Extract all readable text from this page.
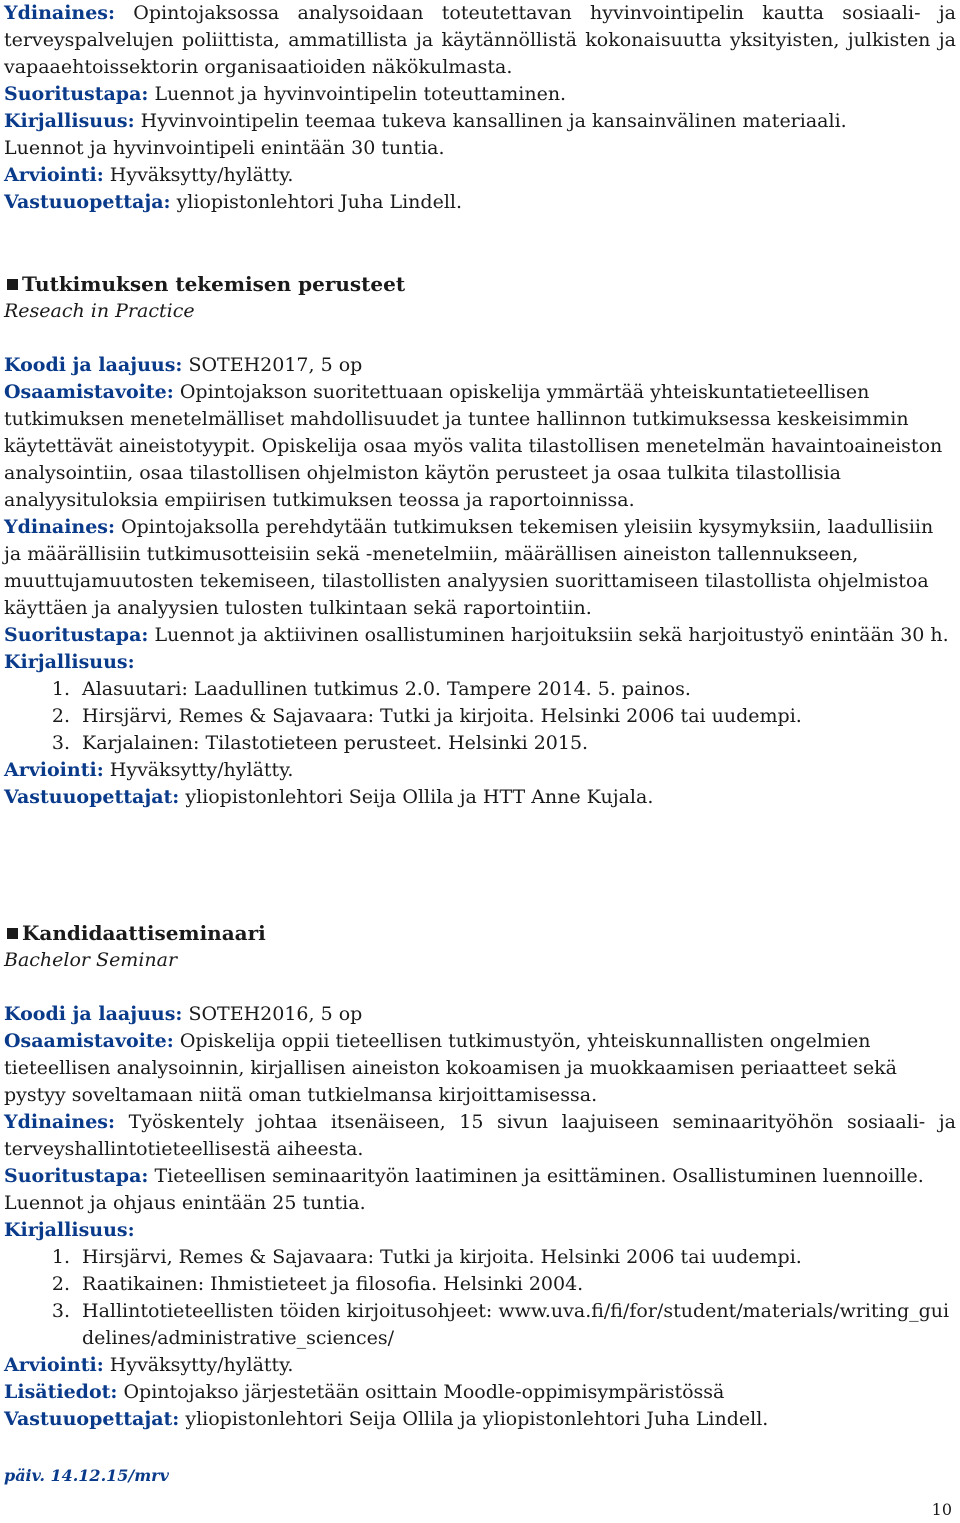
Ydinaines: Opintojaksossa analysoidaan toteutettavan hyvinvointipelin kautta sosiaali- ja terveyspalvelujen poliittista, ammatillista ja käytännöllistä kokonaisuutta yksityisten, julkisten ja vapaaehtoissektorin organisaatioiden näkökulmasta.

Suoritustapa: Luennot ja hyvinvointipelin toteuttaminen.

Kirjallisuus: Hyvinvointipelin teemaa tukeva kansallinen ja kansainvälinen materiaali.

Luennot ja hyvinvointipeli enintään 30 tuntia.

Arviointi: Hyväksytty/hylätty.

Vastuuopettaja: yliopistonlehtori Juha Lindell.

Tutkimuksen tekemisen perusteet

Reseach in Practice

Koodi ja laajuus: SOTEH2017, 5 op

Osaamistavoite: Opintojakson suoritettuaan opiskelija ymmärtää yhteiskuntatieteellisen tutkimuksen menetelmälliset mahdollisuudet ja tuntee hallinnon tutkimuksessa keskeisimmin käytettävät aineistotyypit. Opiskelija osaa myös valita tilastollisen menetelmän havaintoaineiston analysointiin, osaa tilastollisen ohjelmiston käytön perusteet ja osaa tulkita tilastollisia analyysituloksia empiirisen tutkimuksen teossa ja raportoinnissa.

Ydinaines: Opintojaksolla perehdytään tutkimuksen tekemisen yleisiin kysymyksiin, laadullisiin ja määrällisiin tutkimusotteisiin sekä -menetelmiin, määrällisen aineiston tallennukseen, muuttujamuutosten tekemiseen, tilastollisten analyysien suorittamiseen tilastollista ohjelmistoa käyttäen ja analyysien tulosten tulkintaan sekä raportointiin.

Suoritustapa: Luennot ja aktiivinen osallistuminen harjoituksiin sekä harjoitustyö enintään 30 h.

Kirjallisuus:

1. Alasuutari: Laadullinen tutkimus 2.0. Tampere 2014. 5. painos.
2. Hirsjärvi, Remes & Sajavaara: Tutki ja kirjoita. Helsinki 2006 tai uudempi.
3. Karjalainen: Tilastotieteen perusteet. Helsinki 2015.

Arviointi: Hyväksytty/hylätty.

Vastuuopettajat: yliopistonlehtori Seija Ollila ja HTT Anne Kujala.

Kandidaattiseminaari

Bachelor Seminar

Koodi ja laajuus: SOTEH2016, 5 op

Osaamistavoite: Opiskelija oppii tieteellisen tutkimustyön, yhteiskunnallisten ongelmien tieteellisen analysoinnin, kirjallisen aineiston kokoamisen ja muokkaamisen periaatteet sekä pystyy soveltamaan niitä oman tutkielmansa kirjoittamisessa.

Ydinaines: Työskentely johtaa itsenäiseen, 15 sivun laajuiseen seminaarityöhön sosiaali- ja terveyshallintotieteellisestä aiheesta.

Suoritustapa: Tieteellisen seminaarityön laatiminen ja esittäminen. Osallistuminen luennoille. Luennot ja ohjaus enintään 25 tuntia.

Kirjallisuus:

1. Hirsjärvi, Remes & Sajavaara: Tutki ja kirjoita. Helsinki 2006 tai uudempi.
2. Raatikainen: Ihmistieteet ja filosofia. Helsinki 2004.
3. Hallintotieteellisten töiden kirjoitusohjeet: www.uva.fi/fi/for/student/materials/writing_guidelines/administrative_sciences/

Arviointi: Hyväksytty/hylätty.

Lisätiedot: Opintojakso järjestetään osittain Moodle-oppimisympäristössä

Vastuuopettajat: yliopistonlehtori Seija Ollila ja yliopistonlehtori Juha Lindell.

päiv. 14.12.15/mrv

10
